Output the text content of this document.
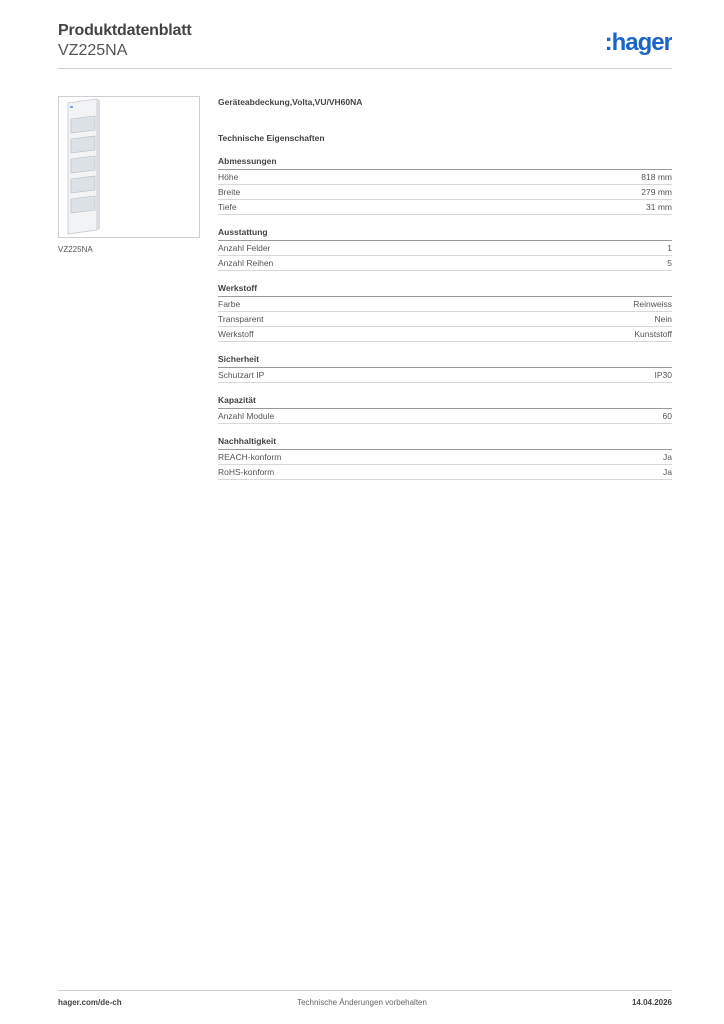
Produktdatenblatt
VZ225NA	:hager
VZ225NA
Geräteabdeckung,Volta,VU/VH60NA
Technische Eigenschaften
Abmessungen
Höhe	818 mm
Breite	279 mm
Tiefe	31 mm
Ausstattung
Anzahl Felder	1
Anzahl Reihen	5
Werkstoff
Farbe	Reinweiss
Transparent	Nein
Werkstoff	Kunststoff
Sicherheit
Schutzart IP	IP30
Kapazität
Anzahl Module	60
Nachhaltigkeit
REACH-konform	Ja
RoHS-konform	Ja
hager.com/de-ch	Technische Änderungen vorbehalten	14.04.2026
